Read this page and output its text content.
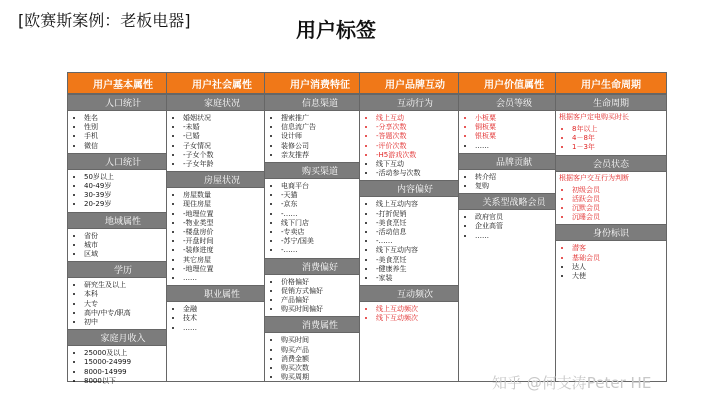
[欧赛斯案例：老板电器]	用户标签
用户基本属性
人口统计
• 姓名
• 性别
• 手机
• 微信
人口统计
• 50岁以上
• 40-49岁
• 30-39岁
• 20-29岁
地域属性
• 省份
• 城市
• 区域
学历
• 研究生及以上
• 本科
• 大专
• 高中/中专/职高
• 初中
家庭月收入
• 25000及以上
• 15000-24999
• 8000-14999
• 8000以下
用户社会属性
家庭状况
• 婚姻状况
• -未婚
• -已婚
• 子女情况
• -子女个数
• -子女年龄
房屋状况
• 房屋数量
• 现住房屋
• -地理位置
• -物业类型
• -楼盘房价
• -开盘时间
• -装修进度
• 其它房屋
• -地理位置
• ……
职业属性
• 金融
• 技术
• ……
用户消费特征
信息渠道
• 搜索推广
• 信息流广告
• 设计师
• 装修公司
• 亲友推荐
购买渠道
• 电商平台
• -天猫
• -京东
• -……
• 线下门店
• -专卖店
• -苏宁/国美
• -……
消费偏好
• 价格偏好
• 促销方式偏好
• 产品偏好
• 购买时间偏好
消费属性
• 购买时间
• 购买产品
• 消费金额
• 购买次数
• 购买周期
用户品牌互动
互动行为
• 线上互动
• -分享次数
• -答题次数
• -评价次数
• -H5游戏次数
• 线下互动
• -活动参与次数
内容偏好
• 线上互动内容
• -打折促销
• -美食烹饪
• -活动信息
• -……
• 线下互动内容
• -美食烹饪
• -健康养生
• -家装
互动频次
• 线上互动频次
• 线下互动频次
用户价值属性
会员等级
• 小板粟
• 铜板粟
• 银板粟
• ……
品牌贡献
• 转介绍
• 复购
关系型战略会员
• 政府官员
• 企业高管
• ……
用户生命周期
生命周期
根据客户定电购买时长
• 8年以上
• 4－8年
• 1－3年
会员状态
根据客户交互行为判断
• 初级会员
• 活跃会员
• 沉默会员
• 沉睡会员
身份标识
• 潜客
• 基础会员
• 达人
• 大使
知乎 @何支涛Peter HE
